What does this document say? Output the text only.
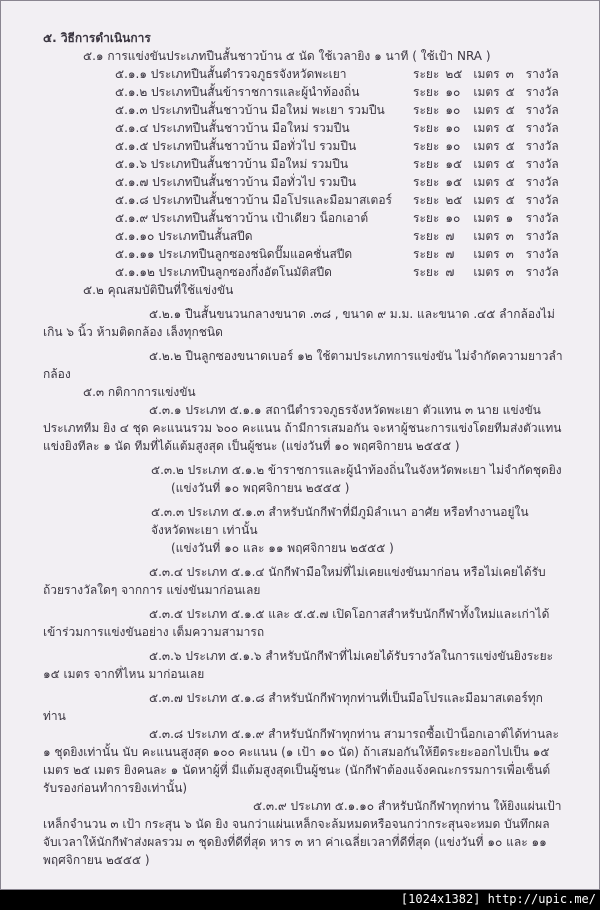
๕. วิธีการดำเนินการ
๕.๑ การแข่งขันประเภทปืนสั้นชาวบ้าน ๕ นัด ใช้เวลายิง ๑ นาที ( ใช้เป้า NRA )
๕.๑.๑ ประเภทปืนสั้นตำรวจภูธรจังหวัดพะเยา	ระยะ ๒๕ เมตร ๓ รางวัล
๕.๑.๒ ประเภทปืนสั้นข้าราชการและผู้นำท้องถิ่น	ระยะ ๑๐	เมตร ๕ รางวัล
๕.๑.๓ ประเภทปืนสั้นชาวบ้าน มือใหม่ พะเยา รวมปืน	ระยะ ๑๐	เมตร ๕ รางวัล
๕.๑.๔ ประเภทปืนสั้นชาวบ้าน มือใหม่ รวมปืน	ระยะ ๑๐	เมตร ๕ รางวัล
๕.๑.๕ ประเภทปืนสั้นชาวบ้าน มือทั่วไป รวมปืน	ระยะ ๑๐	เมตร ๕ รางวัล
๕.๑.๖ ประเภทปืนสั้นชาวบ้าน มือใหม่ รวมปืน	ระยะ ๑๕ เมตร ๕ รางวัล
๕.๑.๗ ประเภทปืนสั้นชาวบ้าน มือทั่วไป รวมปืน	ระยะ ๑๕ เมตร ๕ รางวัล
๕.๑.๘ ประเภทปืนสั้นชาวบ้าน มือโปรและมือมาสเตอร์	ระยะ ๒๕ เมตร ๕ รางวัล
๕.๑.๙ ประเภทปืนสั้นชาวบ้าน เป้าเดียว น็อกเอาต์	ระยะ ๑๐	เมตร ๑	รางวัล
๕.๑.๑๐ ประเภทปืนสั้นสปีด	ระยะ ๗	เมตร ๓ รางวัล
๕.๑.๑๑ ประเภทปืนลูกซองชนิดปั๊มแอคชั่นสปีด	ระยะ ๗	เมตร ๓ รางวัล
๕.๑.๑๒ ประเภทปืนลูกซองกึ่งอัตโนมัติสปีด	ระยะ ๗	เมตร ๓ รางวัล
๕.๒ คุณสมบัติปืนที่ใช้แข่งขัน
๕.๒.๑ ปืนสั้นขนวนกลางขนาด .๓๘ , ขนาด ๙ ม.ม. และขนาด .๔๕ ลำกล้องไม่เกิน ๖ นิ้ว ห้ามติดกล้อง เล็งทุกชนิด
๕.๒.๒ ปืนลูกซองขนาดเบอร์ ๑๒ ใช้ตามประเภทการแข่งขัน ไม่จำกัดความยาวลำกล้อง
๕.๓ กติกาการแข่งขัน
๕.๓.๑ ประเภท ๕.๑.๑ สถานีตำรวจภูธรจังหวัดพะเยา ตัวแทน ๓ นาย แข่งขันประเภททีม ยิง ๔ ชุด คะแนนรวม ๖๐๐ คะแนน ถ้ามีการเสมอกัน จะหาผู้ชนะการแข่งโดยทีมส่งตัวแทน แข่งยิงทีละ ๑ นัด ทีมที่ได้แต้มสูงสุด เป็นผู้ชนะ (แข่งวันที่ ๑๐ พฤศจิกายน ๒๕๕๕ )
๕.๓.๒ ประเภท ๕.๑.๒ ข้าราชการและผู้นำท้องถิ่นในจังหวัดพะเยา ไม่จำกัดชุดยิง
(แข่งวันที่ ๑๐ พฤศจิกายน ๒๕๕๕ )
๕.๓.๓ ประเภท ๕.๑.๓ สำหรับนักกีฬาที่มีภูมิลำเนา อาศัย หรือทำงานอยู่ในจังหวัดพะเยา เท่านั้น
(แข่งวันที่ ๑๐ และ ๑๑ พฤศจิกายน ๒๕๕๕ )
๕.๓.๔ ประเภท ๕.๑.๔ นักกีฬามือใหม่ที่ไม่เคยแข่งขันมาก่อน หรือไม่เคยได้รับถ้วยรางวัลใดๆ จากการ แข่งขันมาก่อนเลย
๕.๓.๕ ประเภท ๕.๑.๕ และ ๕.๕.๗ เปิดโอกาสสำหรับนักกีฬาทั้งใหม่และเก่าได้เข้าร่วมการแข่งขันอย่าง เต็มความสามารถ
๕.๓.๖ ประเภท ๕.๑.๖ สำหรับนักกีฬาที่ไม่เคยได้รับรางวัลในการแข่งขันยิงระยะ ๑๕ เมตร จากที่ไหน มาก่อนเลย
๕.๓.๗ ประเภท ๕.๑.๘ สำหรับนักกีฬาทุกท่านที่เป็นมือโปรและมือมาสเตอร์ทุกท่าน
๕.๓.๘ ประเภท ๕.๑.๙ สำหรับนักกีฬาทุกท่าน สามารถซื้อเป้าน็อกเอาต์ได้ท่านละ ๑ ชุดยิงเท่านั้น นับ คะแนนสูงสุด ๑๐๐ คะแนน (๑ เป้า ๑๐ นัด) ถ้าเสมอกันให้ยืดระยะออกไปเป็น ๑๕ เมตร ๒๕ เมตร ยิงคนละ ๑ นัดหาผู้ที่ มีแต้มสูงสุดเป็นผู้ชนะ (นักกีฬาต้องแจ้งคณะกรรมการเพื่อเซ็นต์รับรองก่อนทำการยิงเท่านั้น)
๕.๓.๙ ประเภท ๕.๑.๑๐ สำหรับนักกีฬาทุกท่าน ให้ยิงแผ่นเป้าเหล็กจำนวน ๓ เป้า กระสุน ๖ นัด ยิง จนกว่าแผ่นเหล็กจะล้มหมดหรือจนกว่ากระสุนจะหมด บันทึกผลจับเวลาให้นักกีฬาส่งผลรวม ๓ ชุดยิงที่ดีที่สุด หาร ๓ หา ค่าเฉลี่ยเวลาที่ดีที่สุด (แข่งวันที่ ๑๐ และ ๑๑ พฤศจิกายน ๒๕๕๕ )
[1024x1382] http://upic.me/
